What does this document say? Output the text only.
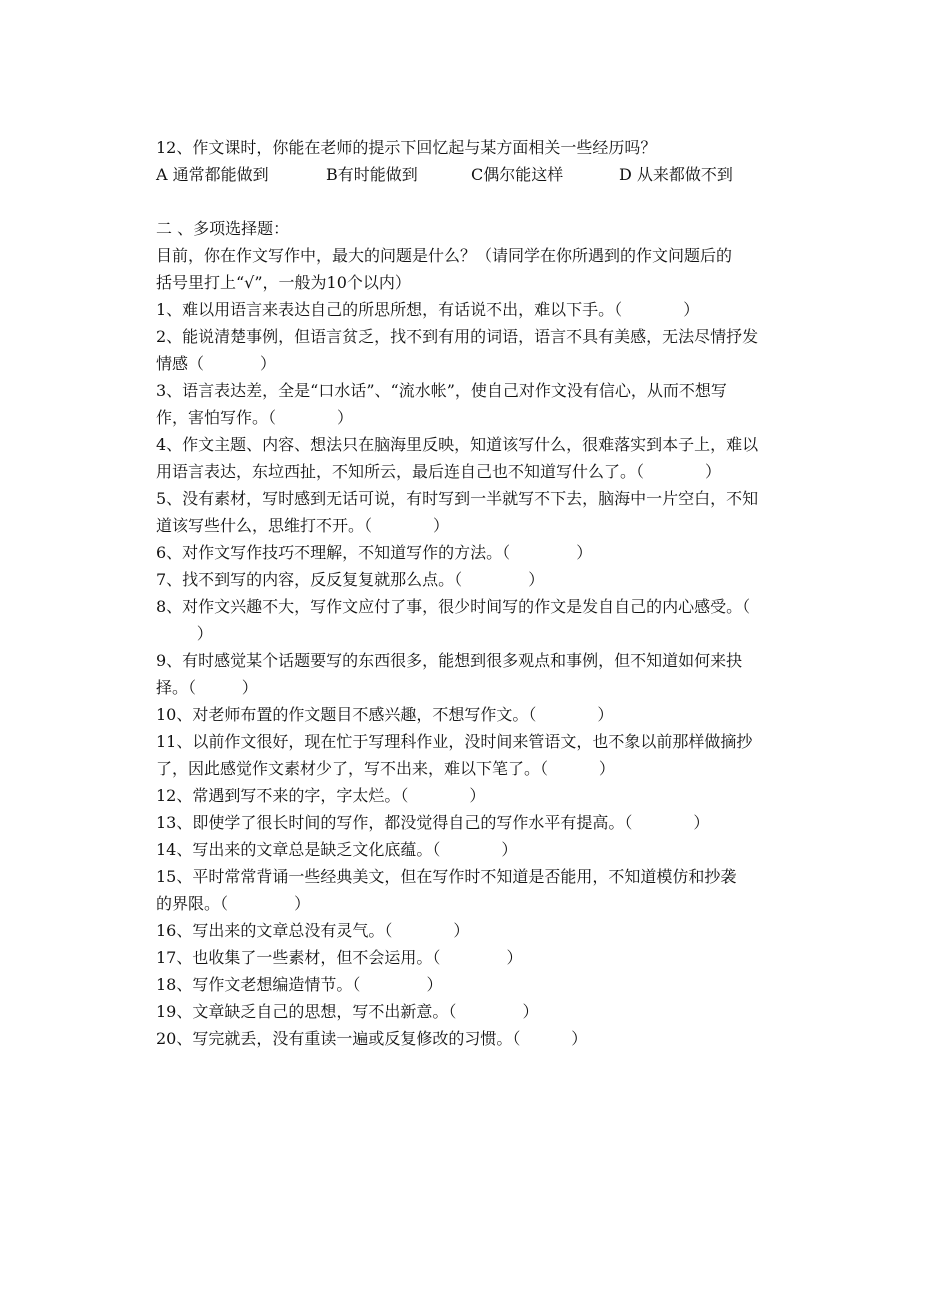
12、作文课时，你能在老师的提示下回忆起与某方面相关一些经历吗？
A 通常都能做到	B有时能做到	C偶尔能这样	D 从来都做不到
二 、多项选择题：
目前，你在作文写作中，最大的问题是什么？（请同学在你所遇到的作文问题后的
括号里打上“√”，一般为10个以内）
1、难以用语言来表达自己的所思所想，有话说不出，难以下手。（            ）
2、能说清楚事例，但语言贫乏，找不到有用的词语，语言不具有美感，无法尽情抒发
情感（           ）
3、语言表达差，全是“口水话”、“流水帐”，使自己对作文没有信心，从而不想写
作，害怕写作。（            ）
4、作文主题、内容、想法只在脑海里反映，知道该写什么，很难落实到本子上，难以
用语言表达，东垃西扯，不知所云，最后连自己也不知道写什么了。（            ）
5、没有素材，写时感到无话可说，有时写到一半就写不下去，脑海中一片空白，不知
道该写些什么，思维打不开。（            ）
6、对作文写作技巧不理解，不知道写作的方法。（             ）
7、找不到写的内容，反反复复就那么点。（             ）
8、对作文兴趣不大，写作文应付了事，很少时间写的作文是发自自己的内心感受。（
）
9、有时感觉某个话题要写的东西很多，能想到很多观点和事例，但不知道如何来抉
择。（         ）
10、对老师布置的作文题目不感兴趣，不想写作文。（            ）
11、以前作文很好，现在忙于写理科作业，没时间来管语文，也不象以前那样做摘抄
了，因此感觉作文素材少了，写不出来，难以下笔了。（          ）
12、常遇到写不来的字，字太烂。（            ）
13、即使学了很长时间的写作，都没觉得自己的写作水平有提高。（            ）
14、写出来的文章总是缺乏文化底蕴。（            ）
15、平时常常背诵一些经典美文，但在写作时不知道是否能用，不知道模仿和抄袭
的界限。（             ）
16、写出来的文章总没有灵气。（            ）
17、也收集了一些素材，但不会运用。（             ）
18、写作文老想编造情节。（             ）
19、文章缺乏自己的思想，写不出新意。（             ）
20、写完就丢，没有重读一遍或反复修改的习惯。（          ）
